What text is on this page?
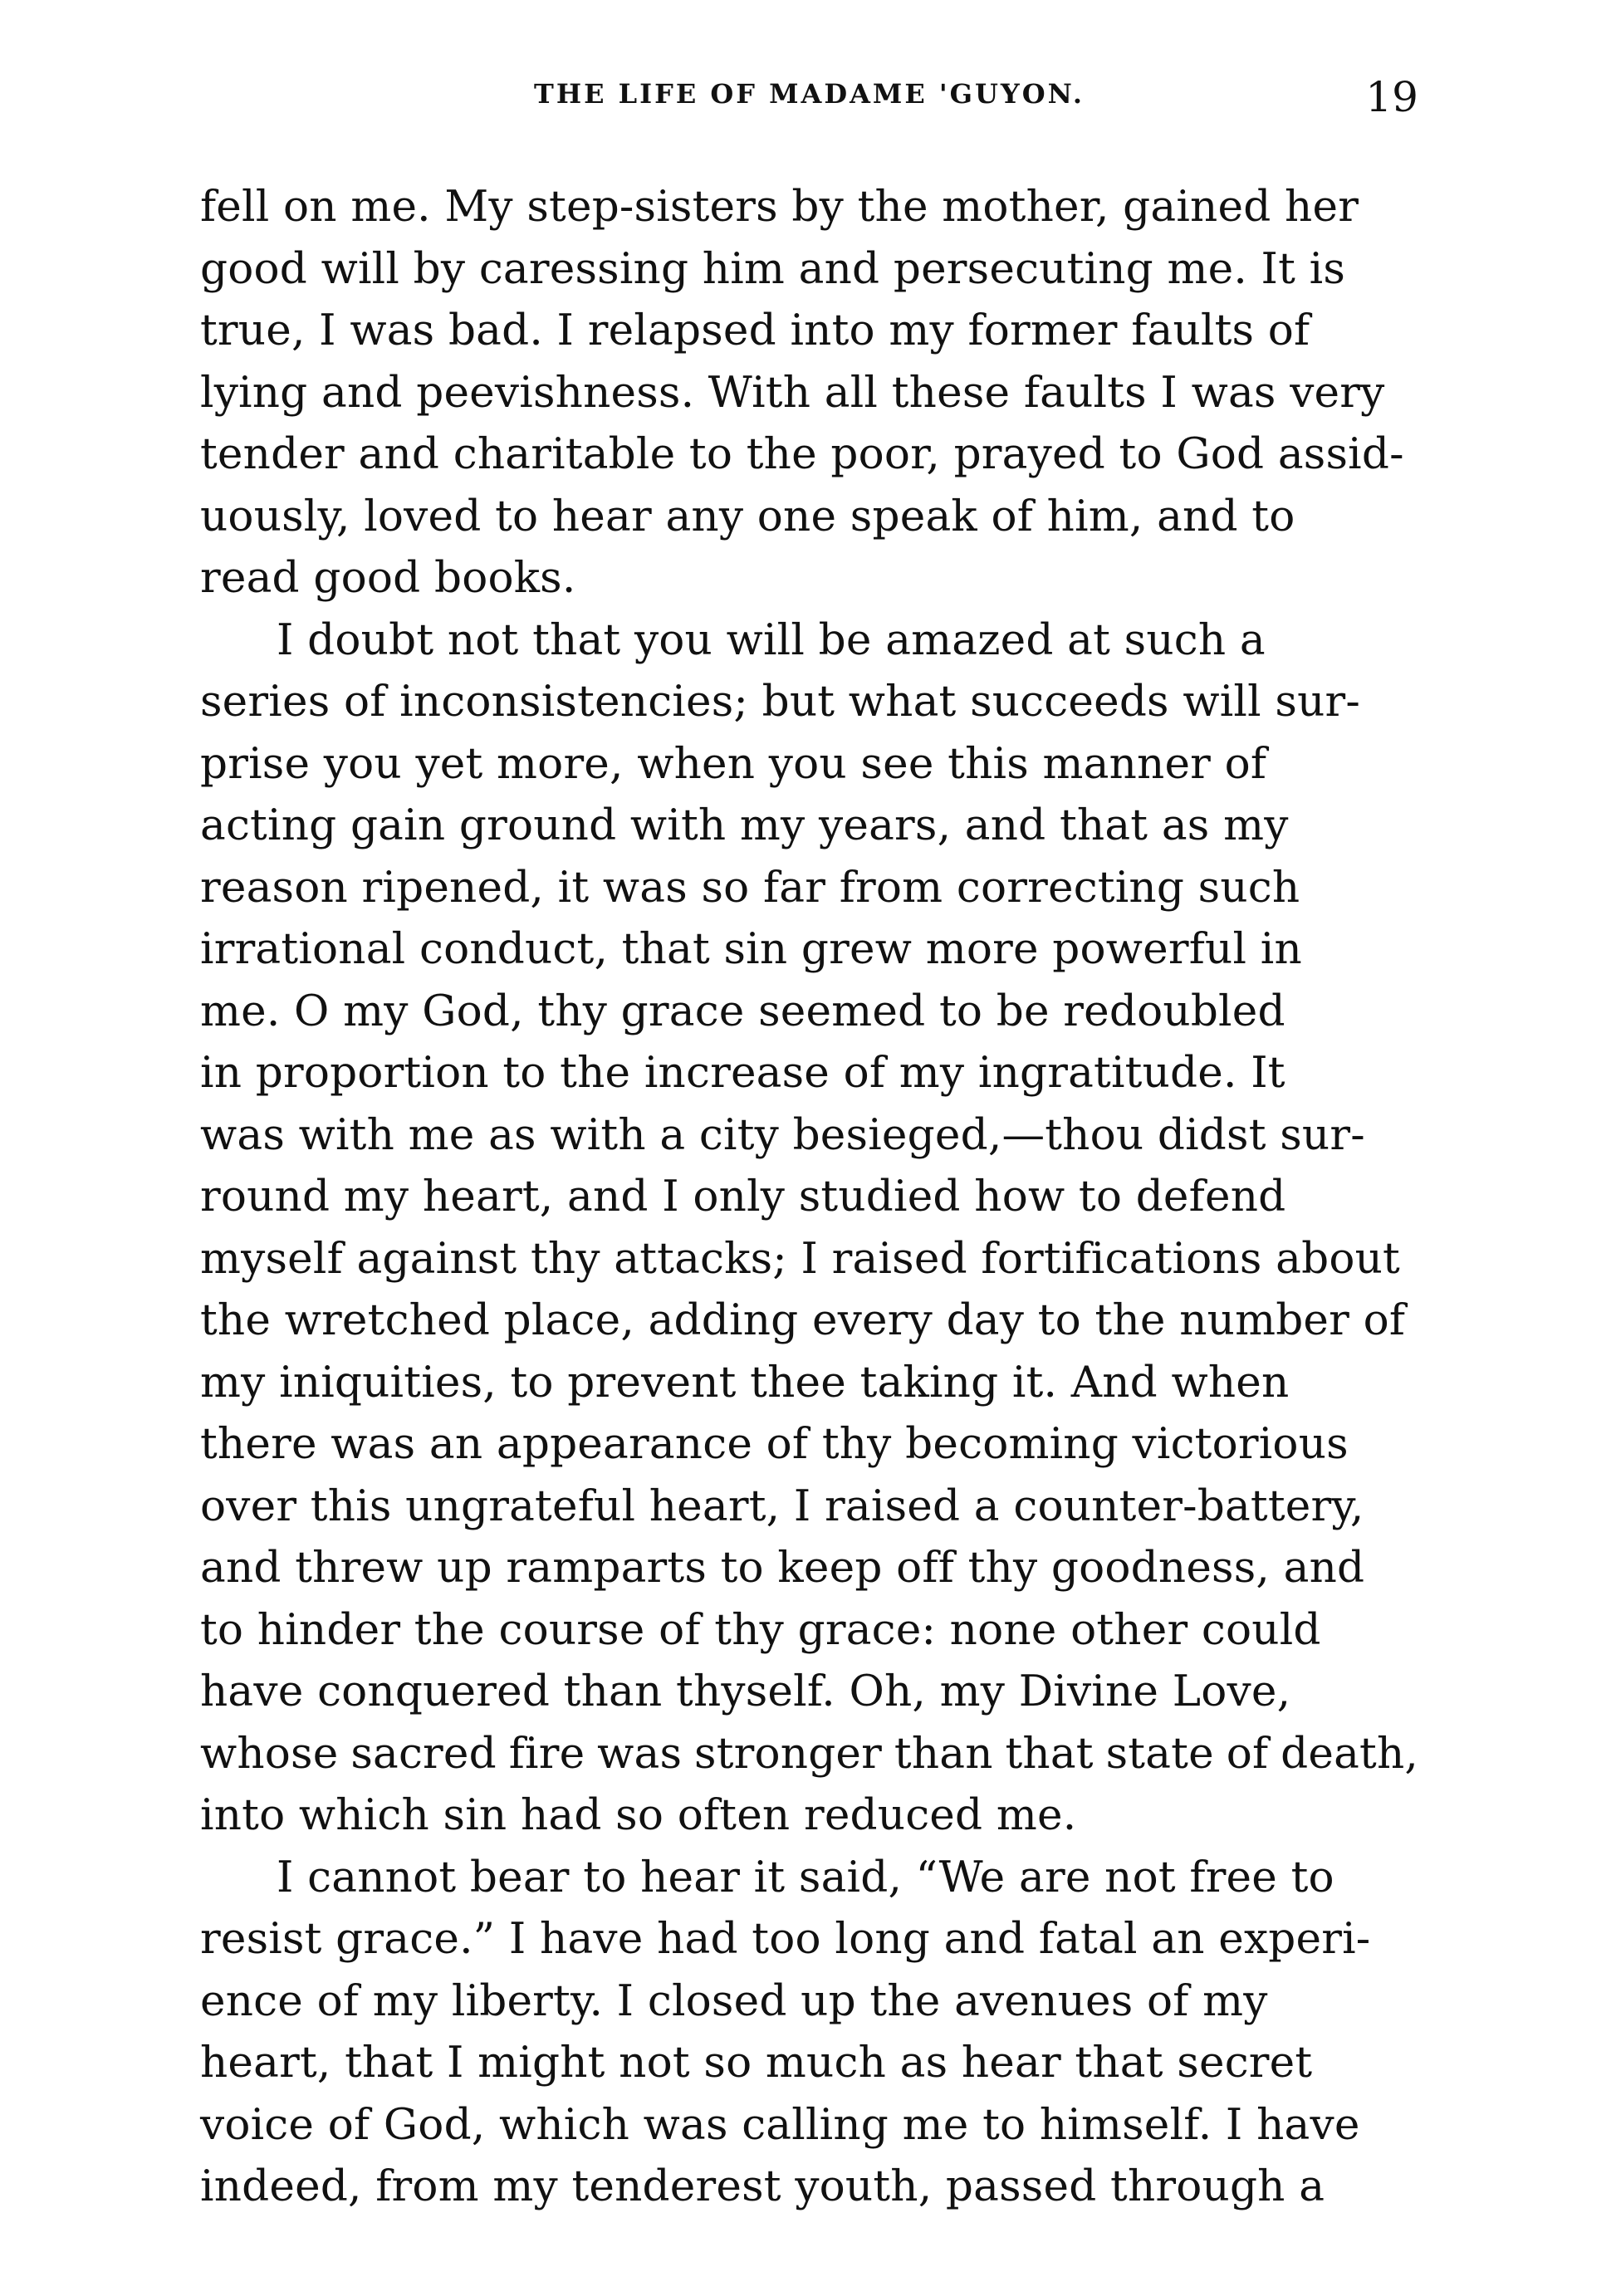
THE LIFE OF MADAME 'GUYON.	19

fell on me. My step-sisters by the mother, gained her
good will by caressing him and persecuting me. It is
true, I was bad. I relapsed into my former faults of
lying and peevishness. With all these faults I was very
tender and charitable to the poor, prayed to God assid-
uously, loved to hear any one speak of him, and to
read good books.

I doubt not that you will be amazed at such a
series of inconsistencies; but what succeeds will sur-
prise you yet more, when you see this manner of
acting gain ground with my years, and that as my
reason ripened, it was so far from correcting such
irrational conduct, that sin grew more powerful in
me. O my God, thy grace seemed to be redoubled
in proportion to the increase of my ingratitude. It
was with me as with a city besieged,—thou didst sur-
round my heart, and I only studied how to defend
myself against thy attacks; I raised fortifications about
the wretched place, adding every day to the number of
my iniquities, to prevent thee taking it. And when
there was an appearance of thy becoming victorious
over this ungrateful heart, I raised a counter-battery,
and threw up ramparts to keep off thy goodness, and
to hinder the course of thy grace: none other could
have conquered than thyself. Oh, my Divine Love,
whose sacred fire was stronger than that state of death,
into which sin had so often reduced me.

I cannot bear to hear it said, “We are not free to
resist grace.” I have had too long and fatal an experi-
ence of my liberty. I closed up the avenues of my
heart, that I might not so much as hear that secret
voice of God, which was calling me to himself. I have
indeed, from my tenderest youth, passed through a
